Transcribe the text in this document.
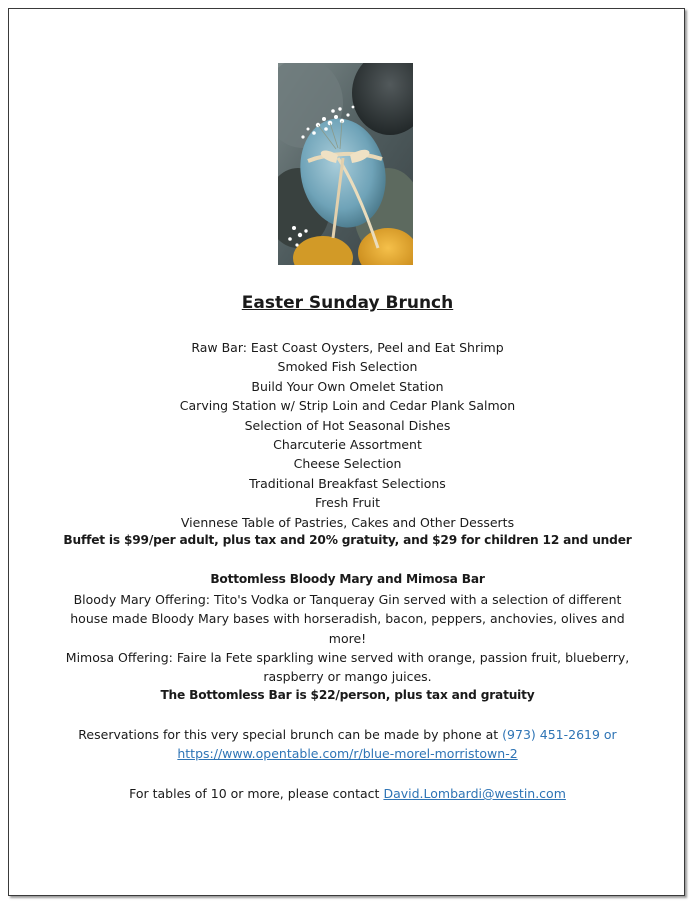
Easter Sunday Brunch
Raw Bar: East Coast Oysters, Peel and Eat Shrimp
Smoked Fish Selection
Build Your Own Omelet Station
Carving Station w/ Strip Loin and Cedar Plank Salmon
Selection of Hot Seasonal Dishes
Charcuterie Assortment
Cheese Selection
Traditional Breakfast Selections
Fresh Fruit
Viennese Table of Pastries, Cakes and Other Desserts
Buffet is $99/per adult, plus tax and 20% gratuity, and $29 for children 12 and under
Bottomless Bloody Mary and Mimosa Bar
Bloody Mary Offering: Tito's Vodka or Tanqueray Gin served with a selection of different house made Bloody Mary bases with horseradish, bacon, peppers, anchovies, olives and more!
Mimosa Offering: Faire la Fete sparkling wine served with orange, passion fruit, blueberry, raspberry or mango juices.
The Bottomless Bar is $22/person, plus tax and gratuity
Reservations for this very special brunch can be made by phone at (973) 451-2619 or
https://www.opentable.com/r/blue-morel-morristown-2
For tables of 10 or more, please contact David.Lombardi@westin.com
